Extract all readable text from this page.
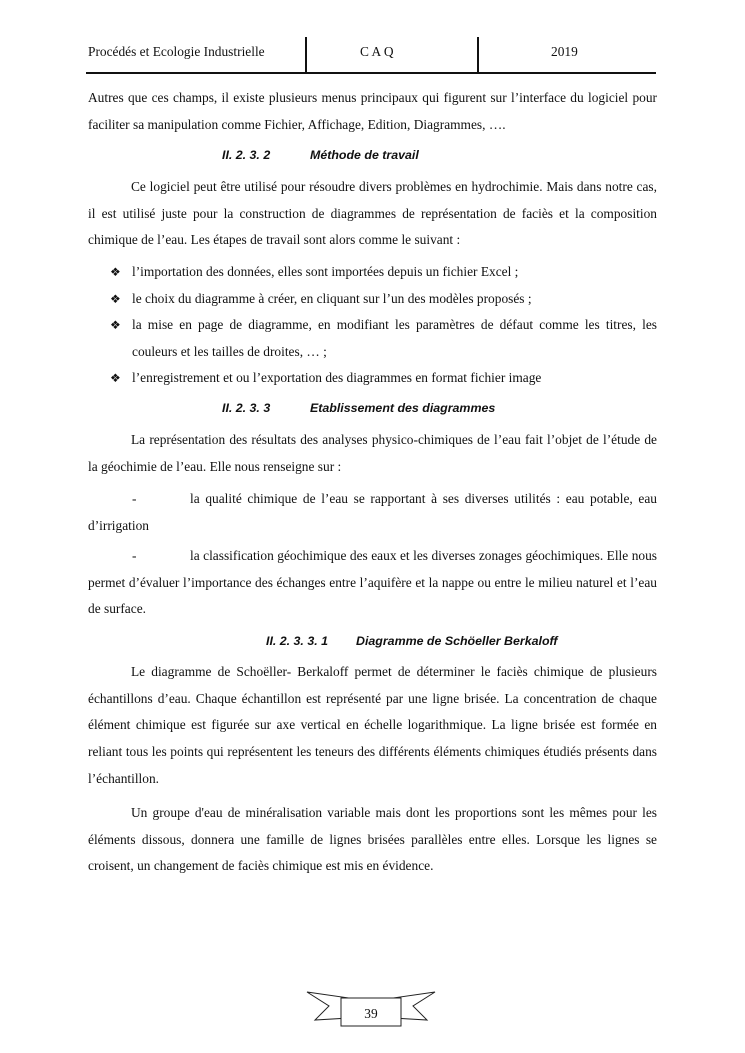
Procédés et Ecologie Industrielle	C A Q	2019
Autres que ces champs, il existe plusieurs menus principaux qui figurent sur l’interface du logiciel pour faciliter sa manipulation comme Fichier, Affichage, Edition, Diagrammes, ….
II. 2. 3. 2	Méthode de travail
Ce logiciel peut être utilisé pour résoudre divers problèmes en hydrochimie. Mais dans notre cas, il est utilisé juste pour la construction de diagrammes de représentation de faciès et la composition chimique de l’eau. Les étapes de travail sont alors comme le suivant :
❖ l’importation des données, elles sont importées depuis un fichier Excel ;
❖ le choix du diagramme à créer, en cliquant sur l’un des modèles proposés ;
❖ la mise en page de diagramme, en modifiant les paramètres de défaut comme les titres, les couleurs et les tailles de droites, … ;
❖ l’enregistrement et ou l’exportation des diagrammes en format fichier image
II. 2. 3. 3	Etablissement des diagrammes
La représentation des résultats des analyses physico-chimiques de l’eau fait l’objet de l’étude de la géochimie de l’eau. Elle nous renseigne sur :
-	la qualité chimique de l’eau se rapportant à ses diverses utilités : eau potable, eau d’irrigation
-	la classification géochimique des eaux et les diverses zonages géochimiques. Elle nous permet d’évaluer l’importance des échanges entre l’aquifère et la nappe ou entre le milieu naturel et l’eau de surface.
II. 2. 3. 3. 1 Diagramme de Schöeller Berkaloff
Le diagramme de Schoëller- Berkaloff permet de déterminer le faciès chimique de plusieurs échantillons d’eau. Chaque échantillon est représenté par une ligne brisée. La concentration de chaque élément chimique est figurée sur axe vertical en échelle logarithmique. La ligne brisée est formée en reliant tous les points qui représentent les teneurs des différents éléments chimiques étudiés présents dans l’échantillon.
Un groupe d'eau de minéralisation variable mais dont les proportions sont les mêmes pour les éléments dissous, donnera une famille de lignes brisées parallèles entre elles. Lorsque les lignes se croisent, un changement de faciès chimique est mis en évidence.
39
